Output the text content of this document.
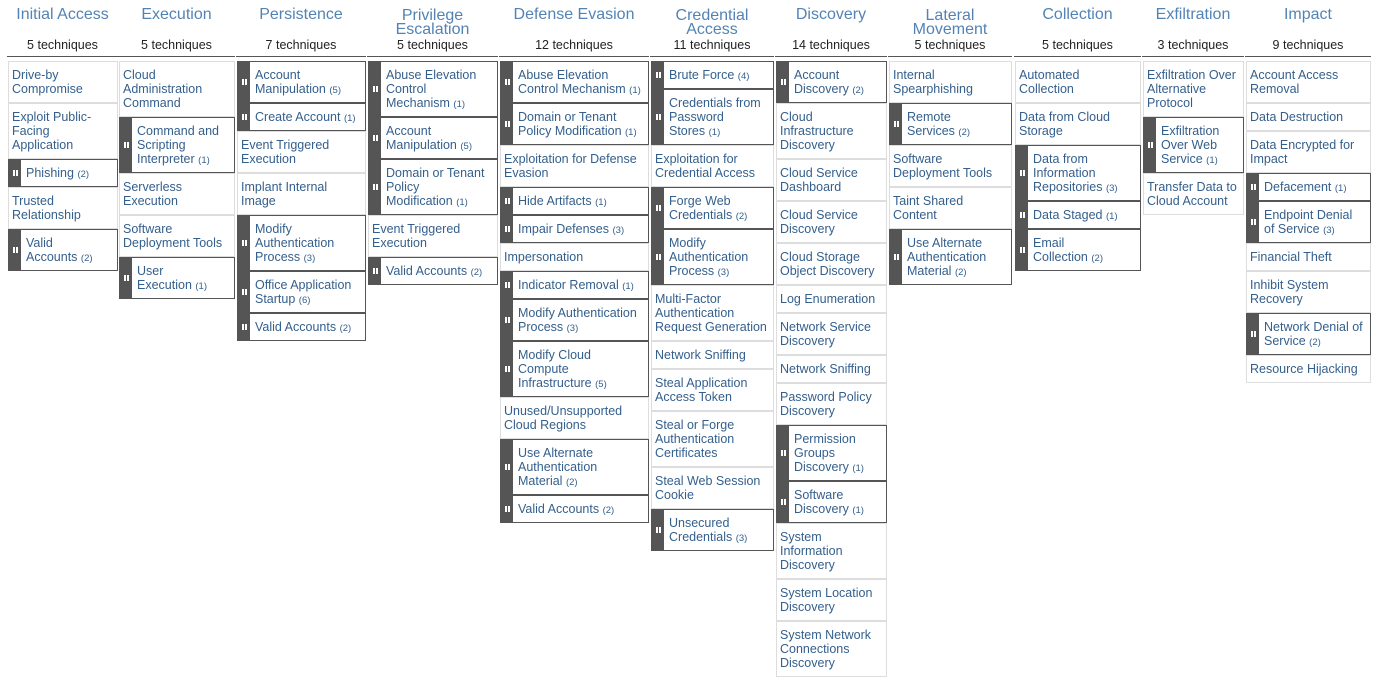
Initial Access
5 techniques
Drive-by
Compromise
Exploit Public-
Facing
Application
Phishing (2)
Trusted
Relationship
Valid
Accounts (2)
Execution
5 techniques
Cloud
Administration
Command
Command and
Scripting
Interpreter (1)
Serverless
Execution
Software
Deployment Tools
User
Execution (1)
Persistence
7 techniques
Account
Manipulation (5)
Create Account (1)
Event Triggered
Execution
Implant Internal
Image
Modify
Authentication
Process (3)
Office Application
Startup (6)
Valid Accounts (2)
Privilege
Escalation
5 techniques
Abuse Elevation
Control
Mechanism (1)
Account
Manipulation (5)
Domain or Tenant
Policy
Modification (1)
Event Triggered
Execution
Valid Accounts (2)
Defense Evasion
12 techniques
Abuse Elevation
Control Mechanism (1)
Domain or Tenant
Policy Modification (1)
Exploitation for Defense
Evasion
Hide Artifacts (1)
Impair Defenses (3)
Impersonation
Indicator Removal (1)
Modify Authentication
Process (3)
Modify Cloud
Compute
Infrastructure (5)
Unused/Unsupported
Cloud Regions
Use Alternate
Authentication
Material (2)
Valid Accounts (2)
Credential
Access
11 techniques
Brute Force (4)
Credentials from
Password
Stores (1)
Exploitation for
Credential Access
Forge Web
Credentials (2)
Modify
Authentication
Process (3)
Multi-Factor
Authentication
Request Generation
Network Sniffing
Steal Application
Access Token
Steal or Forge
Authentication
Certificates
Steal Web Session
Cookie
Unsecured
Credentials (3)
Discovery
14 techniques
Account
Discovery (2)
Cloud
Infrastructure
Discovery
Cloud Service
Dashboard
Cloud Service
Discovery
Cloud Storage
Object Discovery
Log Enumeration
Network Service
Discovery
Network Sniffing
Password Policy
Discovery
Permission
Groups
Discovery (1)
Software
Discovery (1)
System
Information
Discovery
System Location
Discovery
System Network
Connections
Discovery
Lateral
Movement
5 techniques
Internal
Spearphishing
Remote
Services (2)
Software
Deployment Tools
Taint Shared
Content
Use Alternate
Authentication
Material (2)
Collection
5 techniques
Automated
Collection
Data from Cloud
Storage
Data from
Information
Repositories (3)
Data Staged (1)
Email
Collection (2)
Exfiltration
3 techniques
Exfiltration Over
Alternative
Protocol
Exfiltration
Over Web
Service (1)
Transfer Data to
Cloud Account
Impact
9 techniques
Account Access
Removal
Data Destruction
Data Encrypted for
Impact
Defacement (1)
Endpoint Denial
of Service (3)
Financial Theft
Inhibit System
Recovery
Network Denial of
Service (2)
Resource Hijacking
